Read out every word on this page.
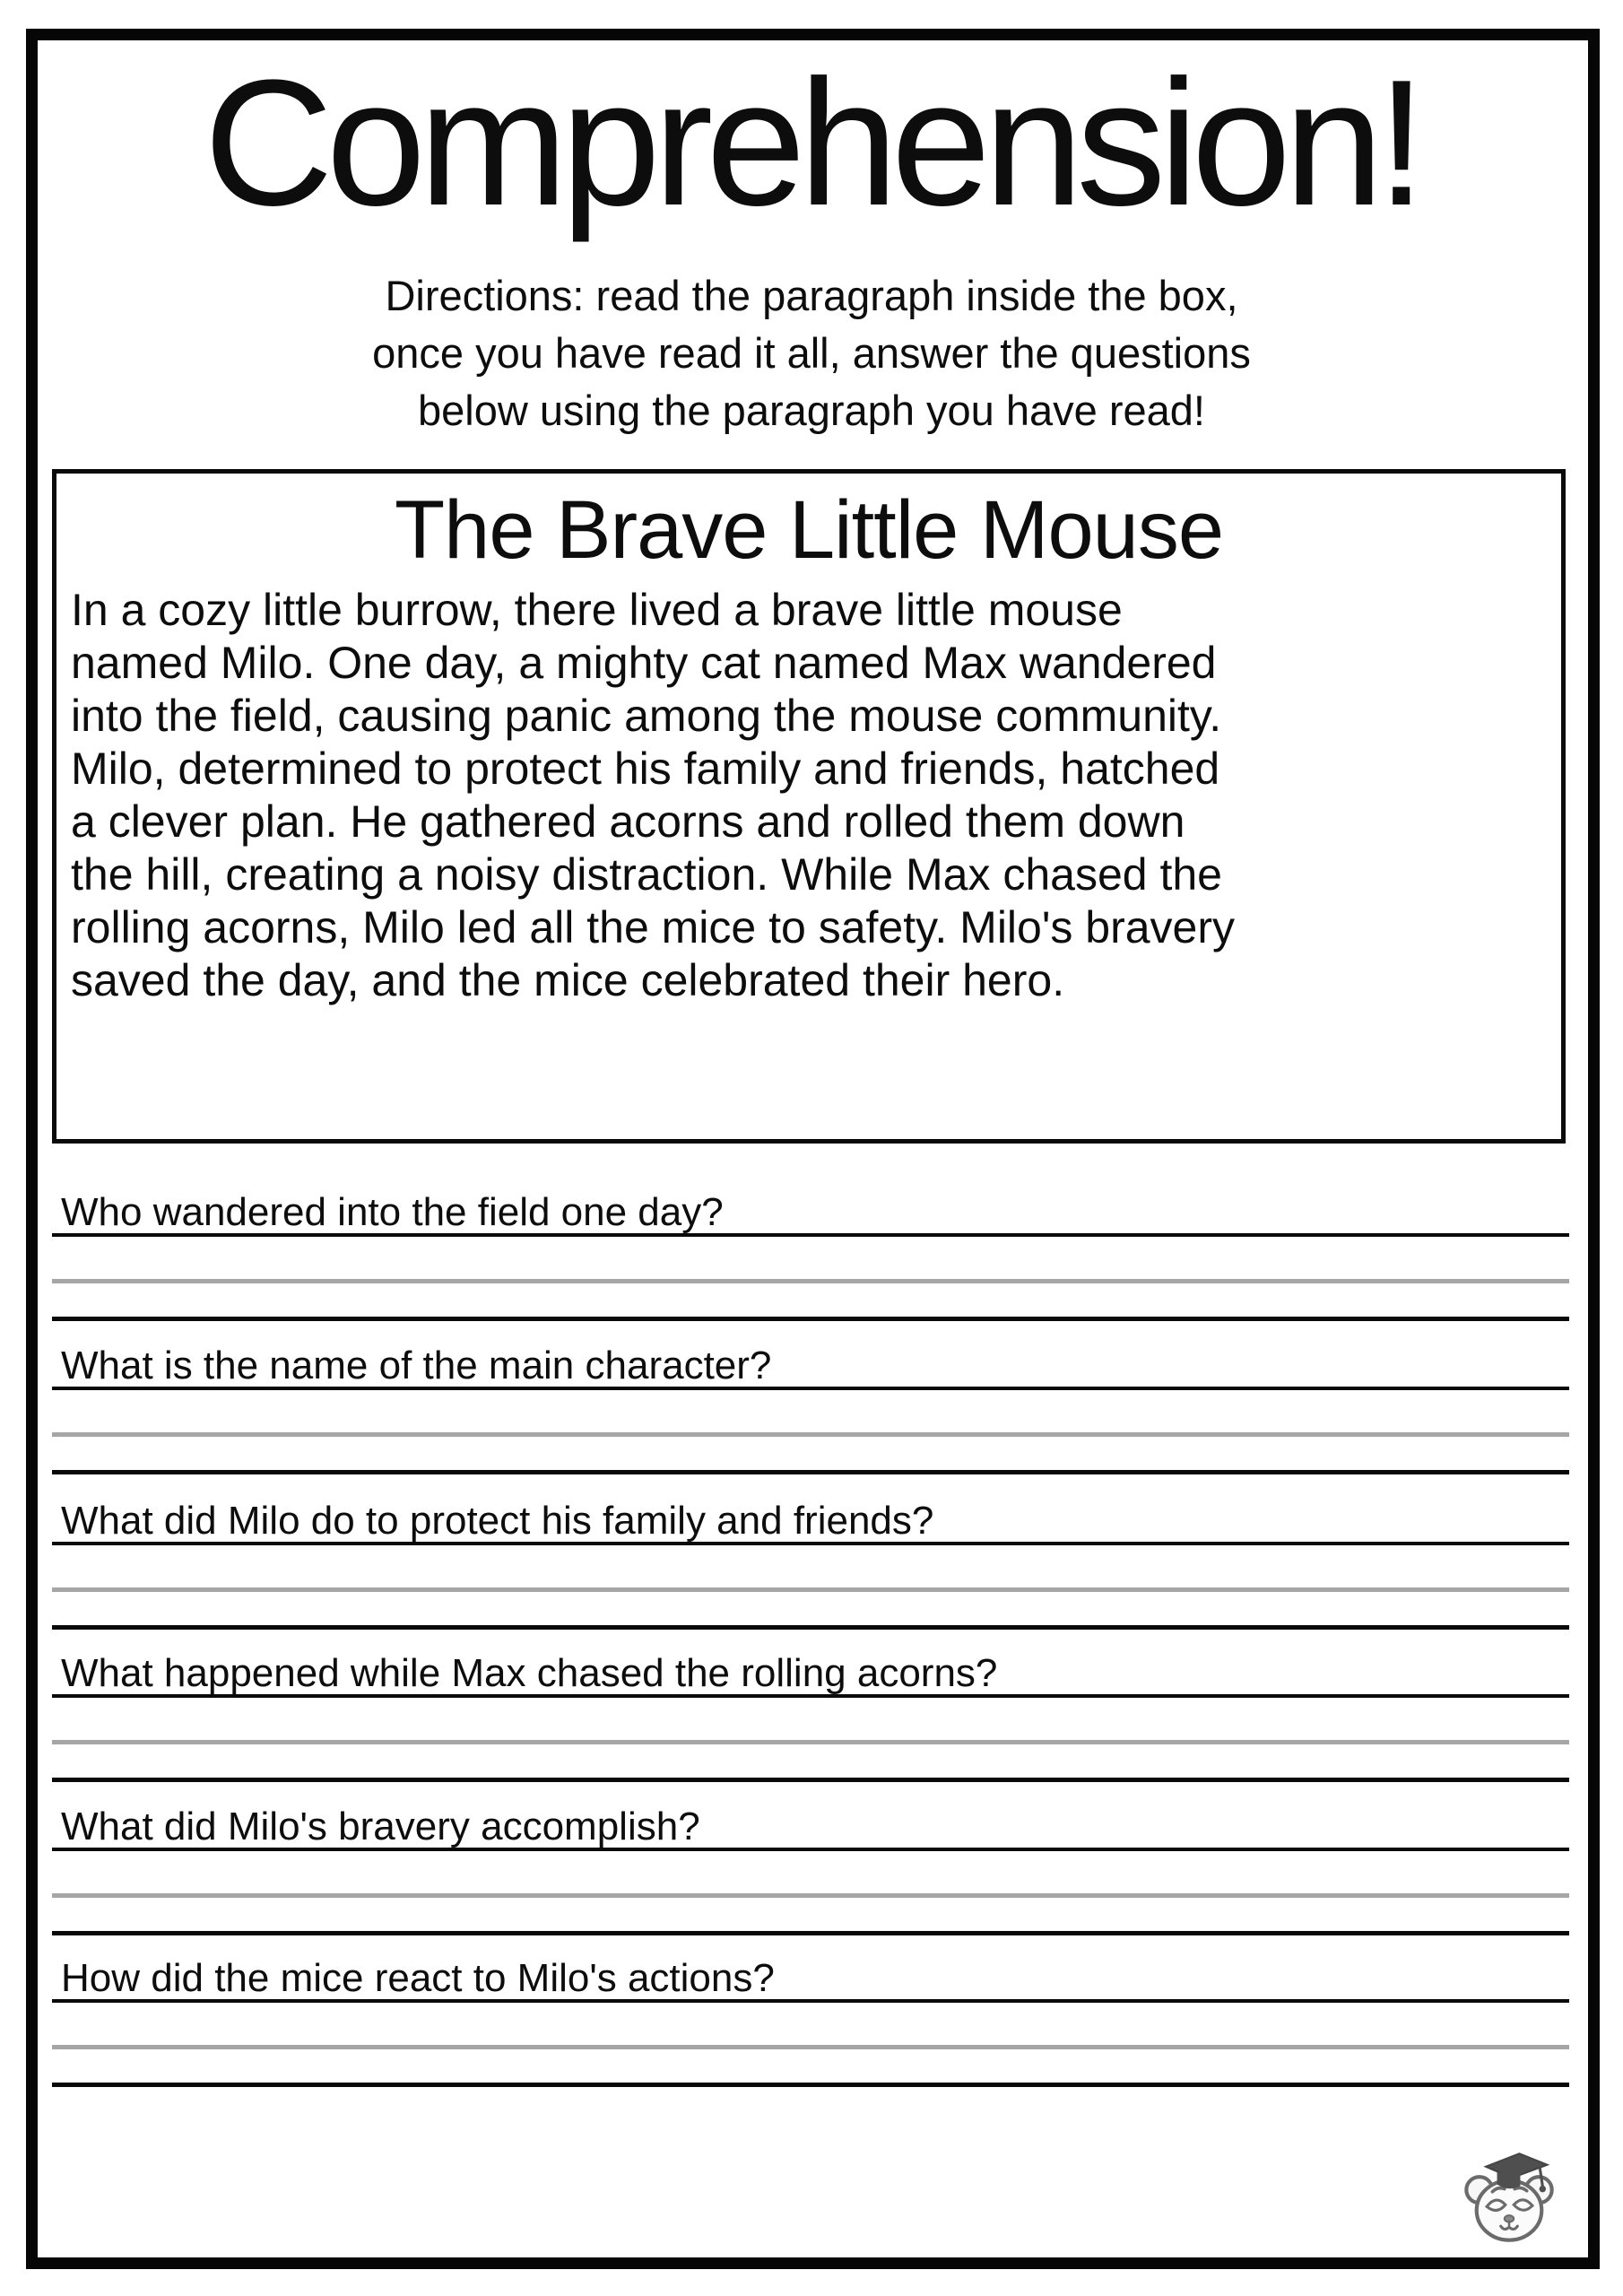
Comprehension!
Directions: read the paragraph inside the box,
once you have read it all, answer the questions
below using the paragraph you have read!
The Brave Little Mouse
In a cozy little burrow, there lived a brave little mouse
named Milo. One day, a mighty cat named Max wandered
into the field, causing panic among the mouse community.
Milo, determined to protect his family and friends, hatched
a clever plan. He gathered acorns and rolled them down
the hill, creating a noisy distraction. While Max chased the
rolling acorns, Milo led all the mice to safety. Milo's bravery
saved the day, and the mice celebrated their hero.
Who wandered into the field one day?
What is the name of the main character?
What did Milo do to protect his family and friends?
What happened while Max chased the rolling acorns?
What did Milo's bravery accomplish?
How did the mice react to Milo's actions?
